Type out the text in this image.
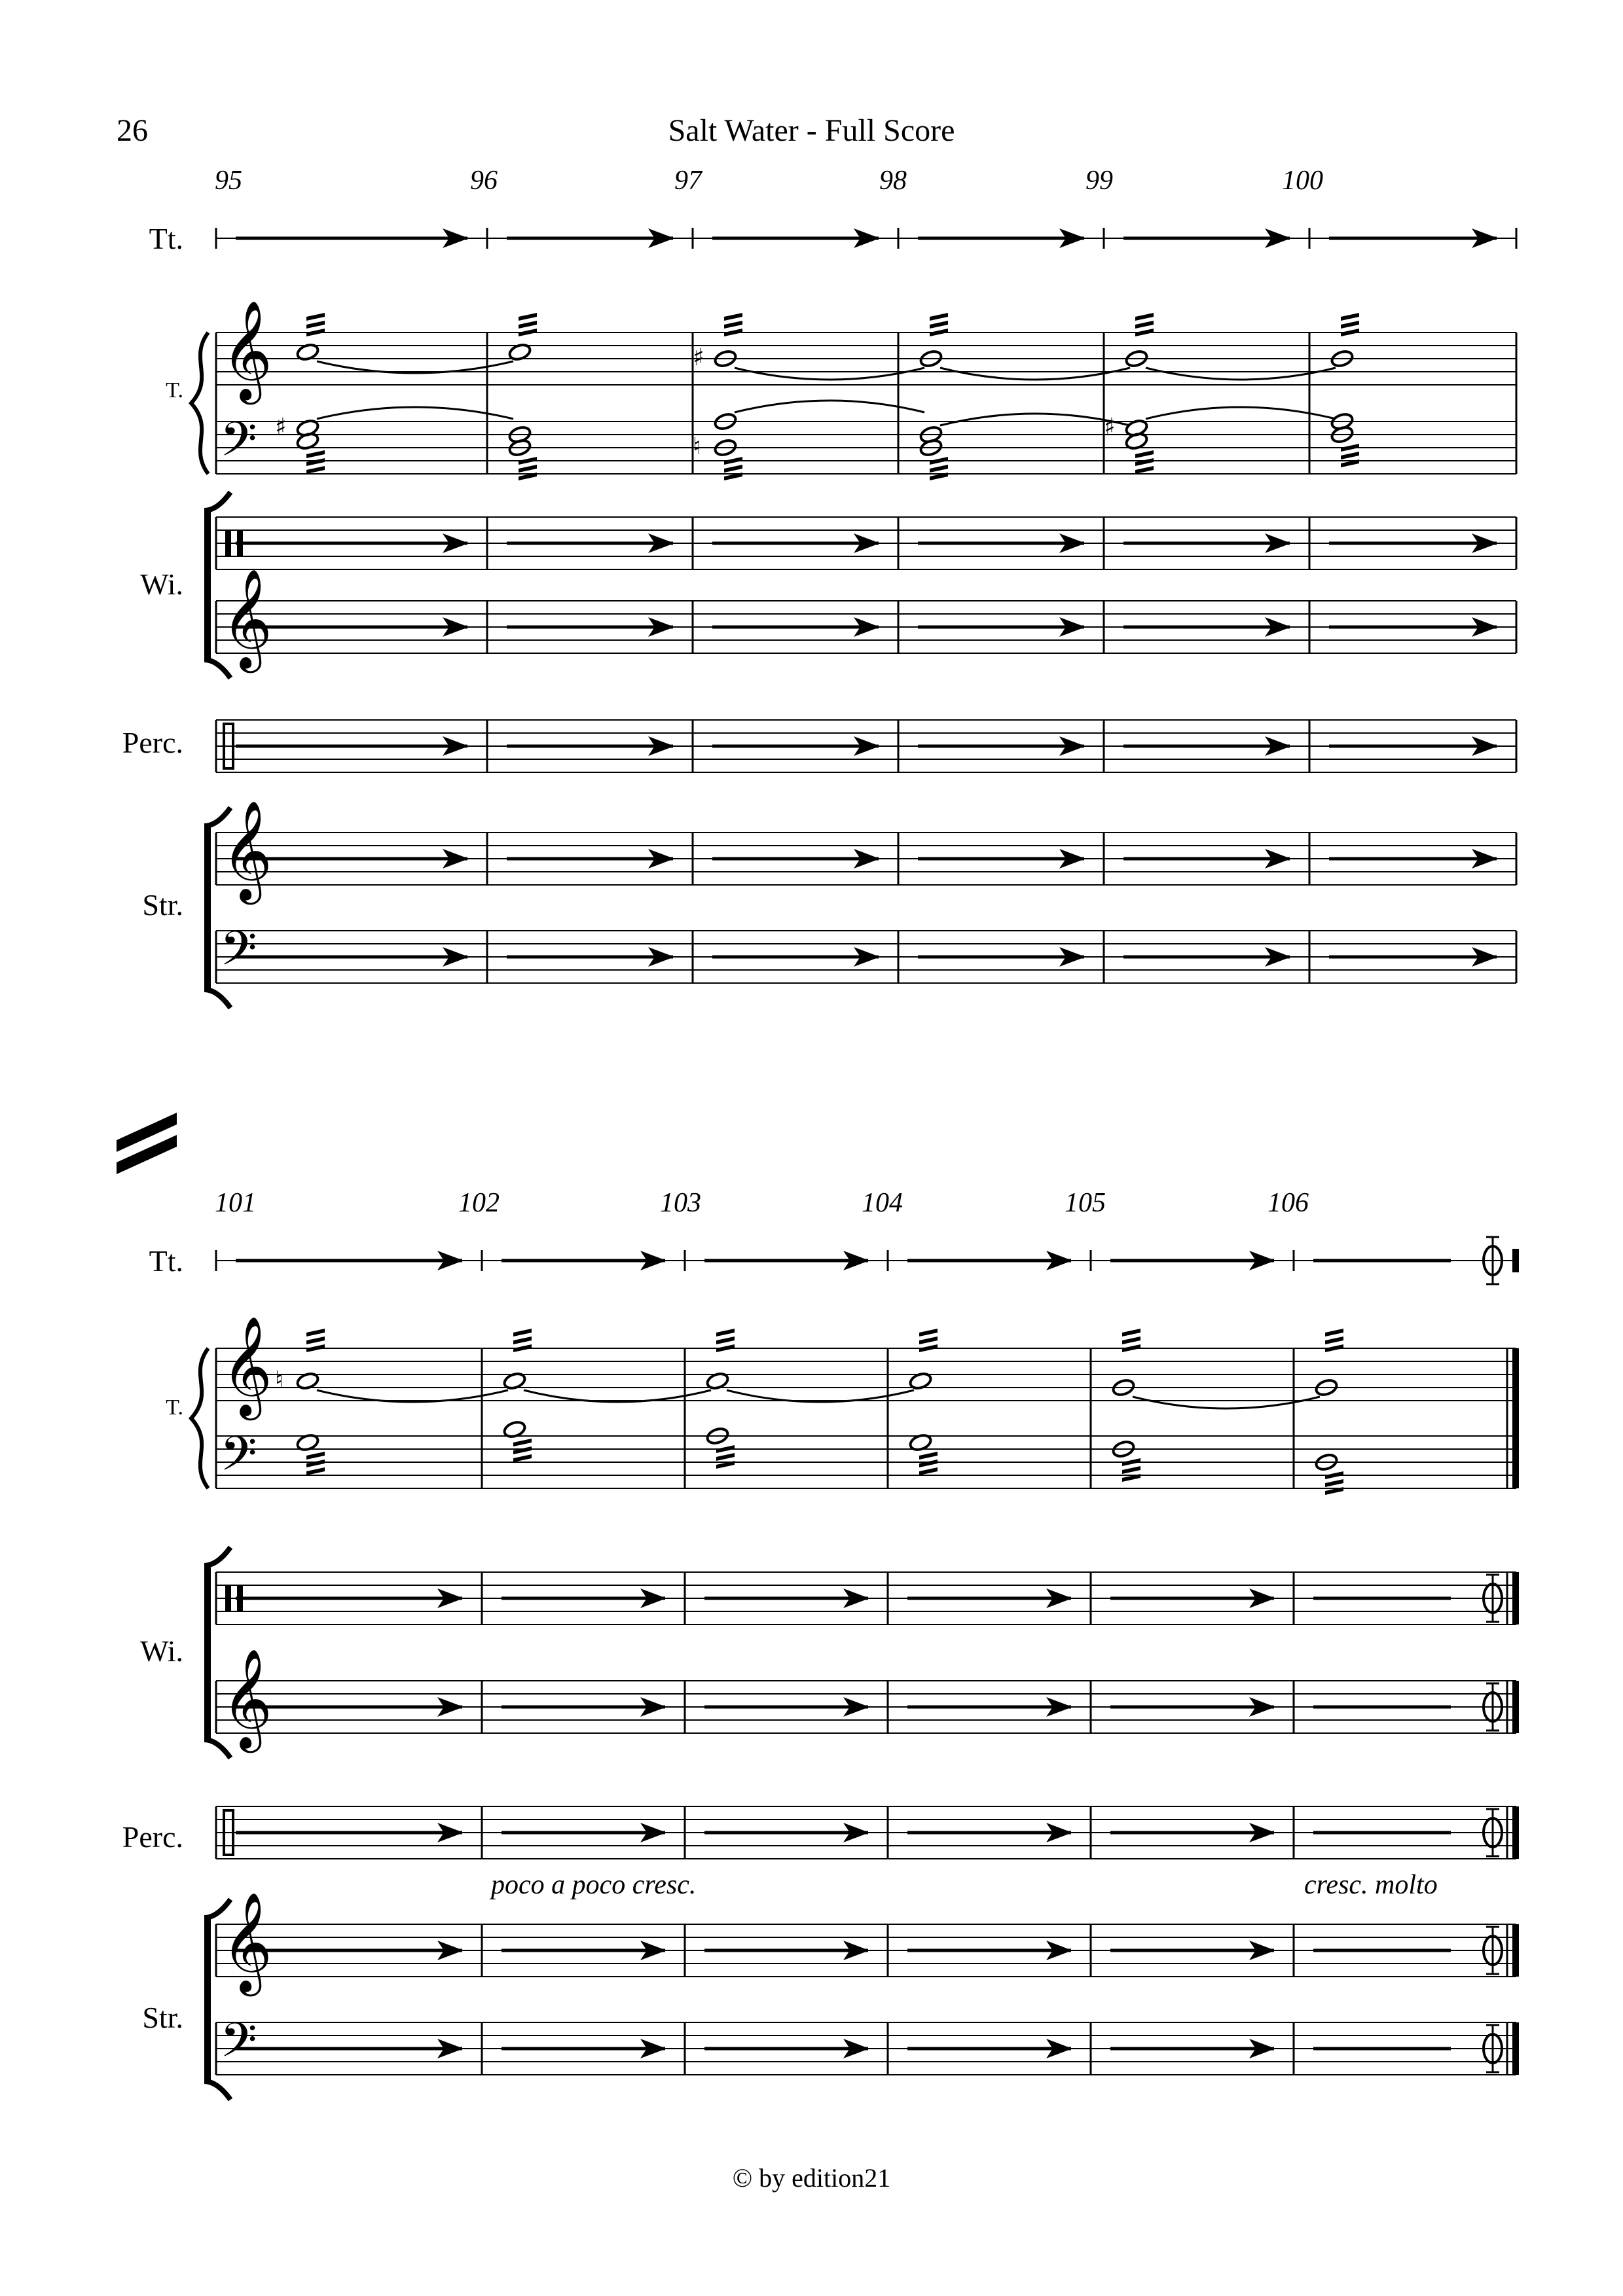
26	Salt Water - Full Score
95	96	97	98	99	100
Tt.
T.
Wi.
Perc.
Str.
101	102	103	104	105	106
Tt.
T.
Wi.
Perc.
Str.
poco a poco cresc.	cresc. molto
© by edition21
𝄞
𝄢
♯
♯
♮
♯
𝄞
𝄞
𝄢
𝄞
𝄢
♮
𝄞
𝄞
𝄢
